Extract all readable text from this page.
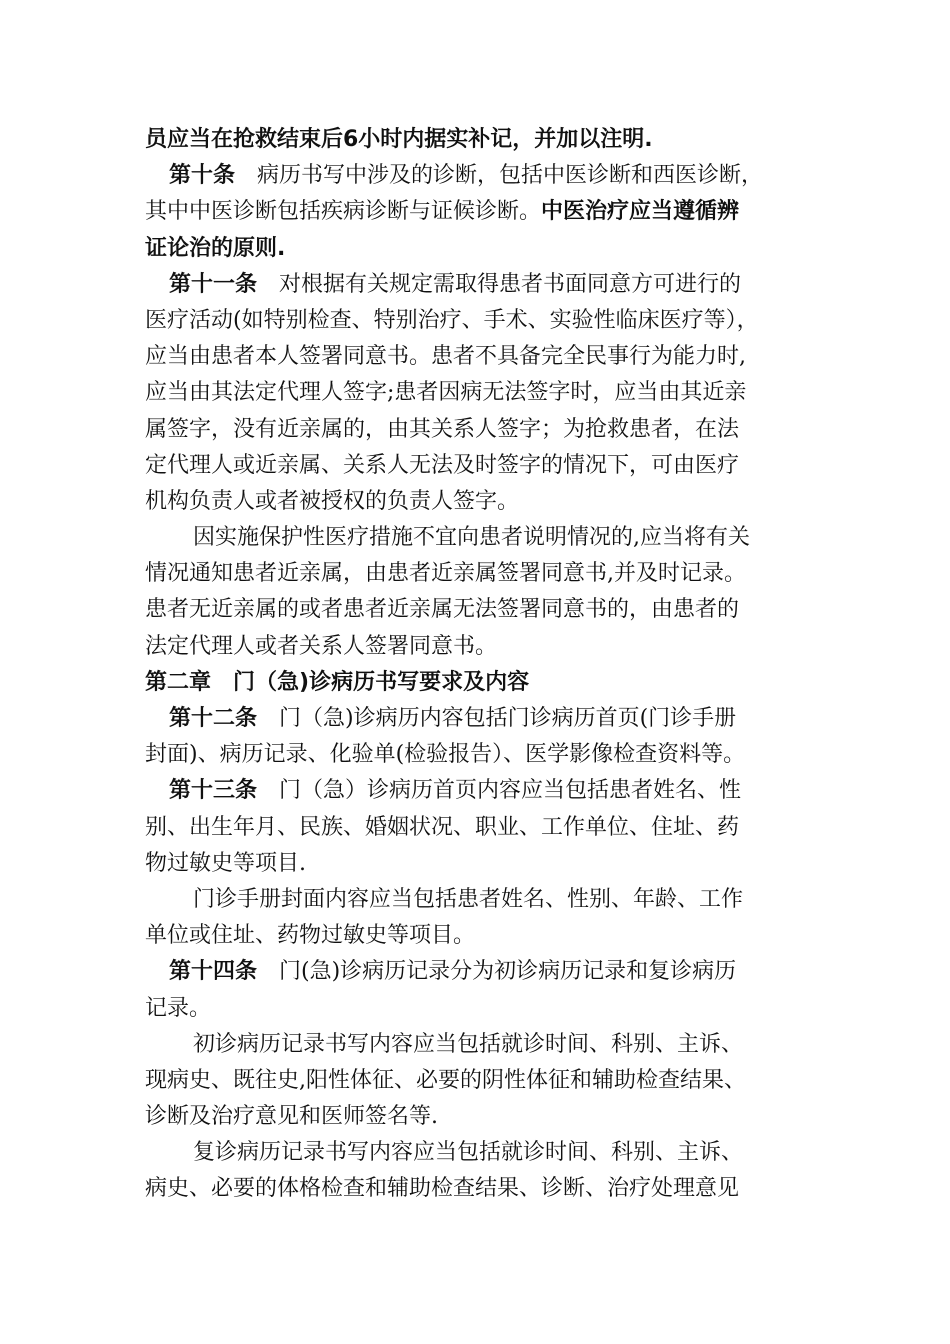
员应当在抢救结束后6小时内据实补记，并加以注明.
第十条 病历书写中涉及的诊断，包括中医诊断和西医诊断，
其中中医诊断包括疾病诊断与证候诊断。中医治疗应当遵循辨
证论治的原则.
第十一条 对根据有关规定需取得患者书面同意方可进行的
医疗活动(如特别检查、特别治疗、手术、实验性临床医疗等），
应当由患者本人签署同意书。患者不具备完全民事行为能力时,
应当由其法定代理人签字;患者因病无法签字时，应当由其近亲
属签字，没有近亲属的，由其关系人签字；为抢救患者，在法
定代理人或近亲属、关系人无法及时签字的情况下，可由医疗
机构负责人或者被授权的负责人签字。
因实施保护性医疗措施不宜向患者说明情况的,应当将有关
情况通知患者近亲属，由患者近亲属签署同意书,并及时记录。
患者无近亲属的或者患者近亲属无法签署同意书的，由患者的
法定代理人或者关系人签署同意书。
第二章 门（急)诊病历书写要求及内容
第十二条 门（急)诊病历内容包括门诊病历首页(门诊手册
封面)、病历记录、化验单(检验报告）、医学影像检查资料等。
第十三条 门（急）诊病历首页内容应当包括患者姓名、性
别、出生年月、民族、婚姻状况、职业、工作单位、住址、药
物过敏史等项目.
门诊手册封面内容应当包括患者姓名、性别、年龄、工作
单位或住址、药物过敏史等项目。
第十四条 门(急)诊病历记录分为初诊病历记录和复诊病历
记录。
初诊病历记录书写内容应当包括就诊时间、科别、主诉、
现病史、既往史,阳性体征、必要的阴性体征和辅助检查结果、
诊断及治疗意见和医师签名等.
复诊病历记录书写内容应当包括就诊时间、科别、主诉、
病史、必要的体格检查和辅助检查结果、诊断、治疗处理意见
